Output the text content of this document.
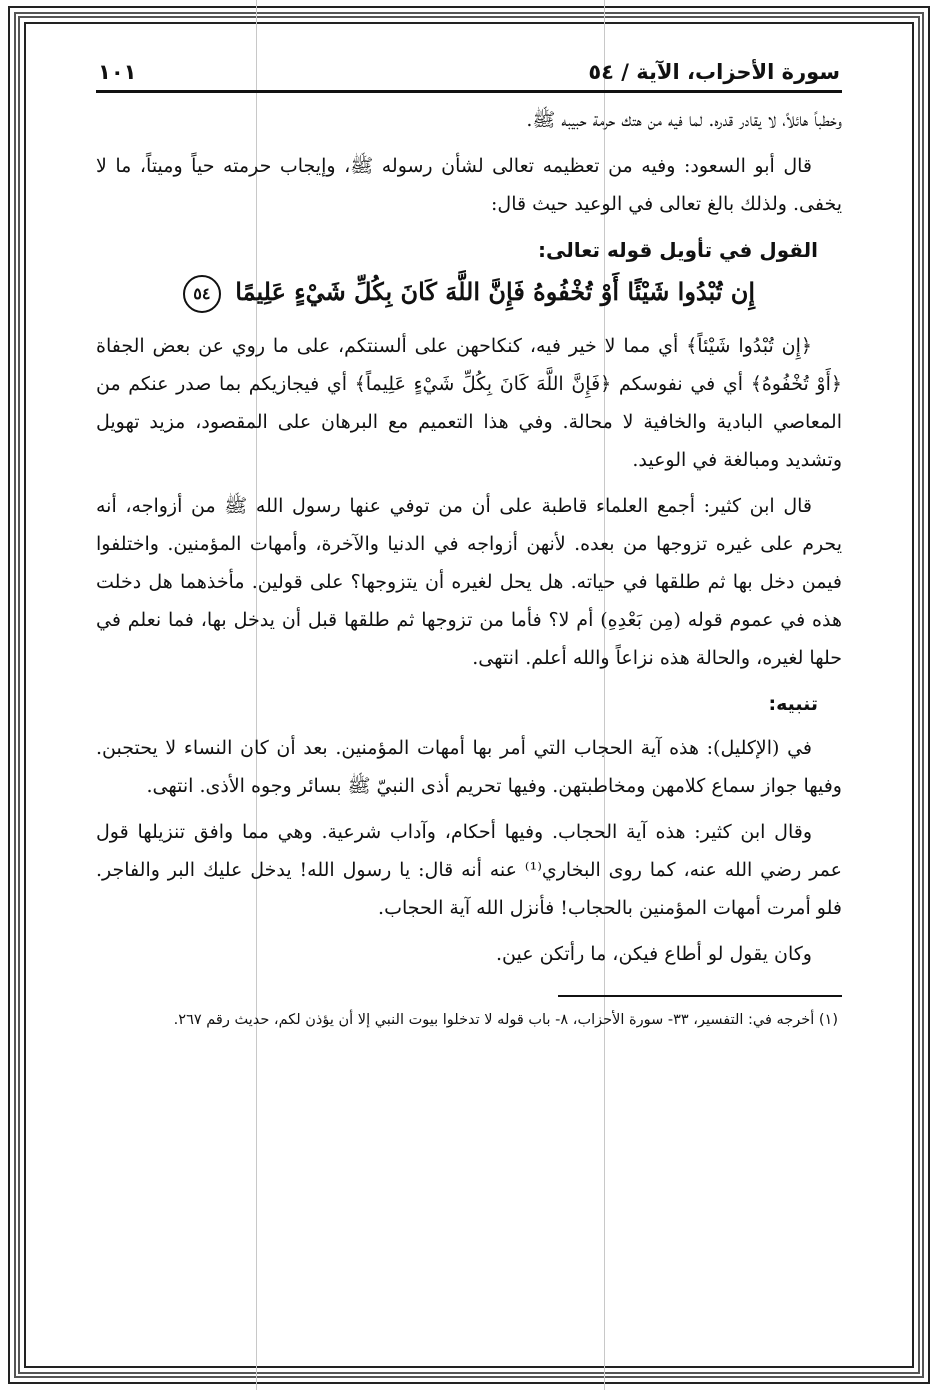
سورة الأحزاب، الآية / ٥٤
١٠١

وخطباً هائلاً، لا يقادر قدره. لما فيه من هتك حرمة حبيبه ﷺ.

قال أبو السعود: وفيه من تعظيمه تعالى لشأن رسوله ﷺ، وإيجاب حرمته حياً وميتاً، ما لا يخفى. ولذلك بالغ تعالى في الوعيد حيث قال:

القول في تأويل قوله تعالى:
إِن تُبْدُوا شَيْئًا أَوْ تُخْفُوهُ فَإِنَّ اللَّهَ كَانَ بِكُلِّ شَيْءٍ عَلِيمًا ٥٤

﴿إِن تُبْدُوا شَيْئاً﴾ أي مما لا خير فيه، كنكاحهن على ألسنتكم، على ما روي عن بعض الجفاة ﴿أَوْ تُخْفُوهُ﴾ أي في نفوسكم ﴿فَإِنَّ اللَّهَ كَانَ بِكُلِّ شَيْءٍ عَلِيماً﴾ أي فيجازيكم بما صدر عنكم من المعاصي البادية والخافية لا محالة. وفي هذا التعميم مع البرهان على المقصود، مزيد تهويل وتشديد ومبالغة في الوعيد.

قال ابن كثير: أجمع العلماء قاطبة على أن من توفي عنها رسول الله ﷺ من أزواجه، أنه يحرم على غيره تزوجها من بعده. لأنهن أزواجه في الدنيا والآخرة، وأمهات المؤمنين. واختلفوا فيمن دخل بها ثم طلقها في حياته. هل يحل لغيره أن يتزوجها؟ على قولين. مأخذهما هل دخلت هذه في عموم قوله (مِن بَعْدِهِ) أم لا؟ فأما من تزوجها ثم طلقها قبل أن يدخل بها، فما نعلم في حلها لغيره، والحالة هذه نزاعاً والله أعلم. انتهى.

تنبيه:

في (الإكليل): هذه آية الحجاب التي أمر بها أمهات المؤمنين. بعد أن كان النساء لا يحتجبن. وفيها جواز سماع كلامهن ومخاطبتهن. وفيها تحريم أذى النبيّ ﷺ بسائر وجوه الأذى. انتهى.

وقال ابن كثير: هذه آية الحجاب. وفيها أحكام، وآداب شرعية. وهي مما وافق تنزيلها قول عمر رضي الله عنه، كما روى البخاري⁽¹⁾ عنه أنه قال: يا رسول الله! يدخل عليك البر والفاجر. فلو أمرت أمهات المؤمنين بالحجاب! فأنزل الله آية الحجاب.

وكان يقول لو أطاع فيكن، ما رأتكن عين.

(١) أخرجه في: التفسير، ٣٣- سورة الأحزاب، ٨- باب قوله لا تدخلوا بيوت النبي إلا أن يؤذن لكم، حديث رقم ٢٦٧.
